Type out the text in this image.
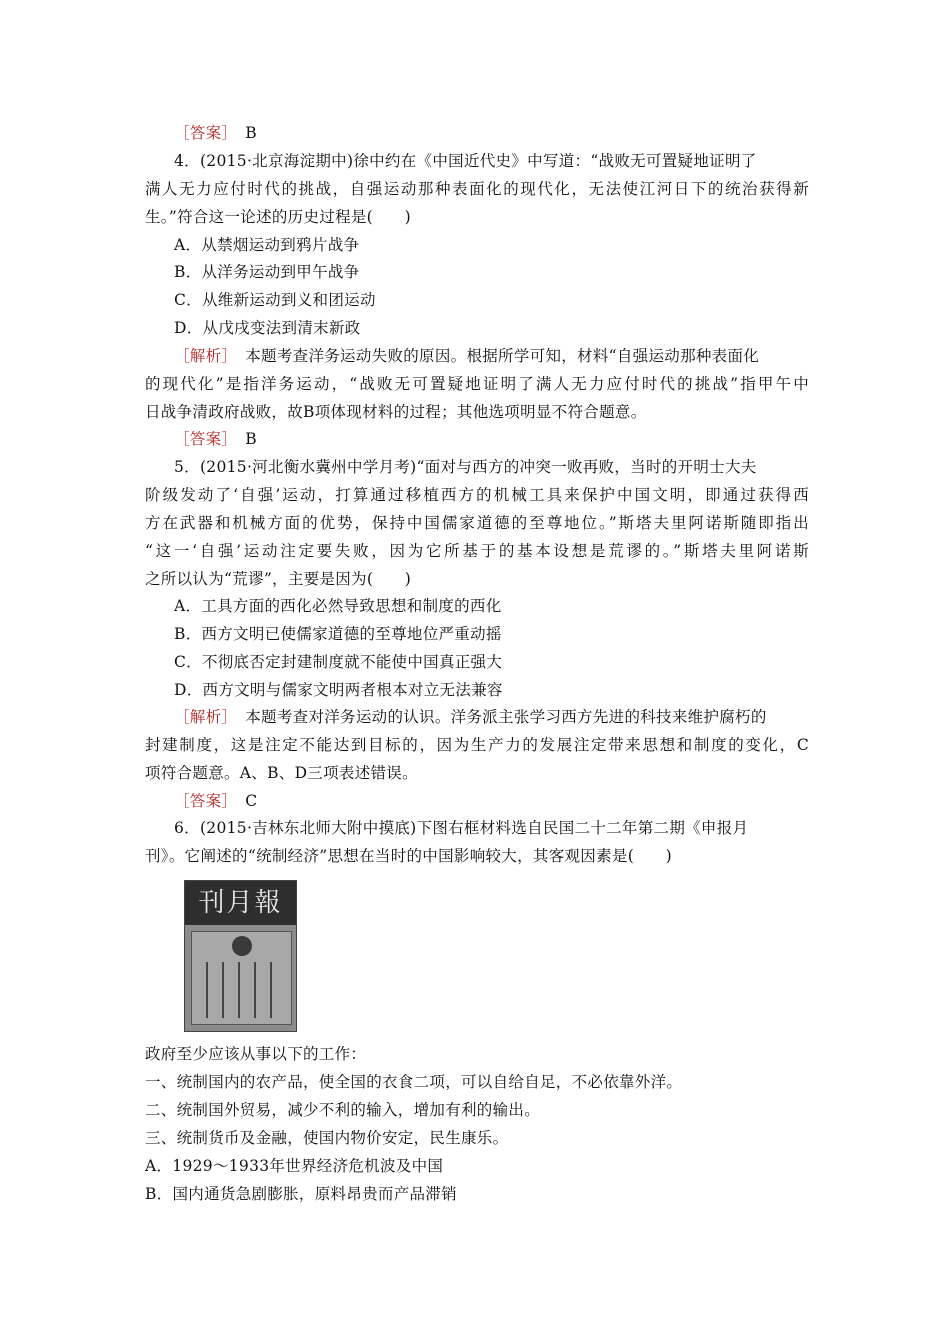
［答案］　B
4．(2015·北京海淀期中)徐中约在《中国近代史》中写道：“战败无可置疑地证明了
满人无力应付时代的挑战，自强运动那种表面化的现代化，无法使江河日下的统治获得新
生。”符合这一论述的历史过程是(　　)
A．从禁烟运动到鸦片战争
B．从洋务运动到甲午战争
C．从维新运动到义和团运动
D．从戊戌变法到清末新政
［解析］　本题考查洋务运动失败的原因。根据所学可知，材料“自强运动那种表面化
的现代化”是指洋务运动，“战败无可置疑地证明了满人无力应付时代的挑战”指甲午中
日战争清政府战败，故B项体现材料的过程；其他选项明显不符合题意。
［答案］　B
5．(2015·河北衡水冀州中学月考)“面对与西方的冲突一败再败，当时的开明士大夫
阶级发动了‘自强’运动，打算通过移植西方的机械工具来保护中国文明，即通过获得西
方在武器和机械方面的优势，保持中国儒家道德的至尊地位。”斯塔夫里阿诺斯随即指出
“这一‘自强’运动注定要失败，因为它所基于的基本设想是荒谬的。”斯塔夫里阿诺斯
之所以认为“荒谬”，主要是因为(　　)
A．工具方面的西化必然导致思想和制度的西化
B．西方文明已使儒家道德的至尊地位严重动摇
C．不彻底否定封建制度就不能使中国真正强大
D．西方文明与儒家文明两者根本对立无法兼容
［解析］　本题考查对洋务运动的认识。洋务派主张学习西方先进的科技来维护腐朽的
封建制度，这是注定不能达到目标的，因为生产力的发展注定带来思想和制度的变化，C
项符合题意。A、B、D三项表述错误。
［答案］　C
6．(2015·吉林东北师大附中摸底)下图右框材料选自民国二十二年第二期《申报月
刊》。它阐述的“统制经济”思想在当时的中国影响较大，其客观因素是(　　)
政府至少应该从事以下的工作：
一、统制国内的农产品，使全国的衣食二项，可以自给自足，不必依靠外洋。
二、统制国外贸易，减少不利的输入，增加有利的输出。
三、统制货币及金融，使国内物价安定，民生康乐。
A．1929～1933年世界经济危机波及中国
B．国内通货急剧膨胀，原料昂贵而产品滞销
刊月報
